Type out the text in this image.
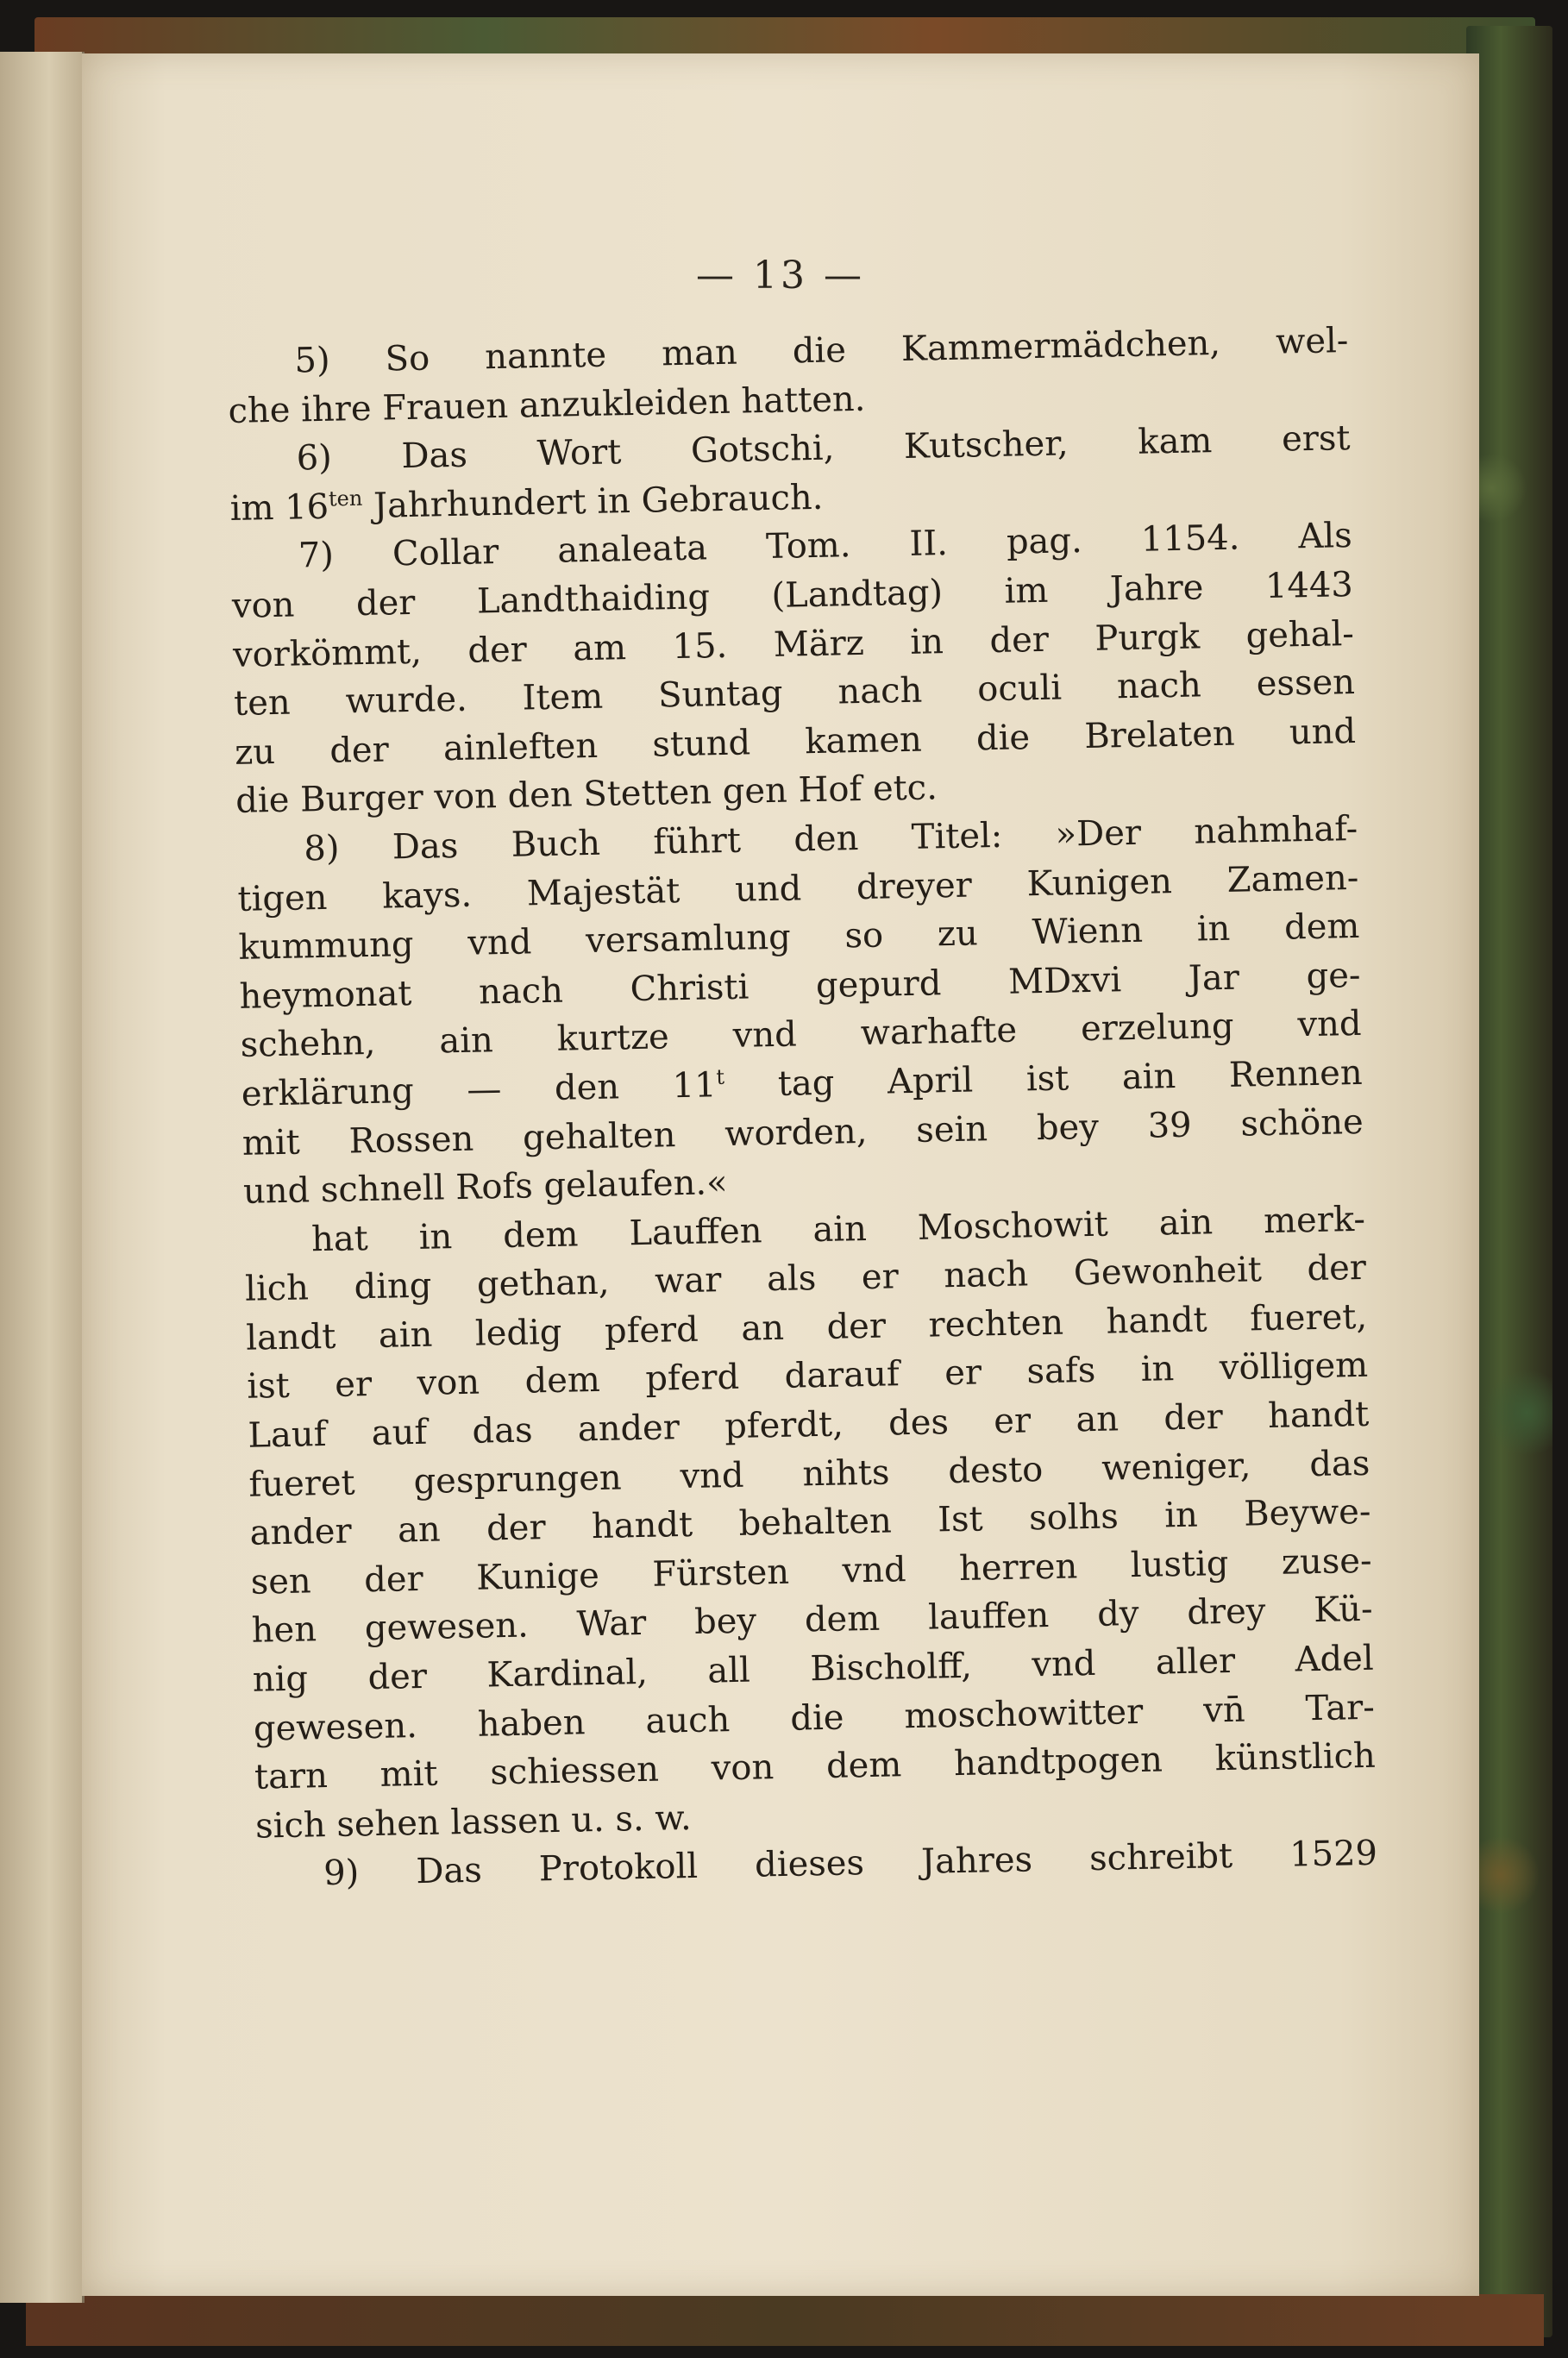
— 13 —

5) So nannte man die Kammermädchen, wel-
che ihre Frauen anzukleiden hatten.
6) Das Wort Gotschi, Kutscher, kam erst
im $16^{ten}$ Jahrhundert in Gebrauch.
7) Collar analeata Tom. II. pag. 1154. Als
von der Landthaiding (Landtag) im Jahre 1443
vorkömmt, der am 15. März in der Purgk gehal-
ten wurde. Item Suntag nach oculi nach essen
zu der ainleften stund kamen die Brelaten und
die Burger von den Stetten gen Hof etc.
8) Das Buch führt den Titel: »Der nahmhaf-
tigen kays. Majestät und dreyer Kunigen Zamen-
kummung vnd versamlung so zu Wienn in dem
heymonat nach Christi gepurd MDxvi Jar ge-
schehn, ain kurtze vnd warhafte erzelung vnd
erklärung — den 11$^t$ tag April ist ain Rennen
mit Rossen gehalten worden, sein bey 39 schöne
und schnell Rofs gelaufen.«
hat in dem Lauffen ain Moschowit ain merk-
lich ding gethan, war als er nach Gewonheit der
landt ain ledig pferd an der rechten handt fueret,
ist er von dem pferd darauf er safs in völligem
Lauf auf das ander pferdt, des er an der handt
fueret gesprungen vnd nihts desto weniger, das
ander an der handt behalten Ist solhs in Beywe-
sen der Kunige Fürsten vnd herren lustig zuse-
hen gewesen. War bey dem lauffen dy drey Kü-
nig der Kardinal, all Bischolff, vnd aller Adel
gewesen. haben auch die moschowitter vn̄ Tar-
tarn mit schiessen von dem handtpogen künstlich
sich sehen lassen u. s. w.
9) Das Protokoll dieses Jahres schreibt 1529
